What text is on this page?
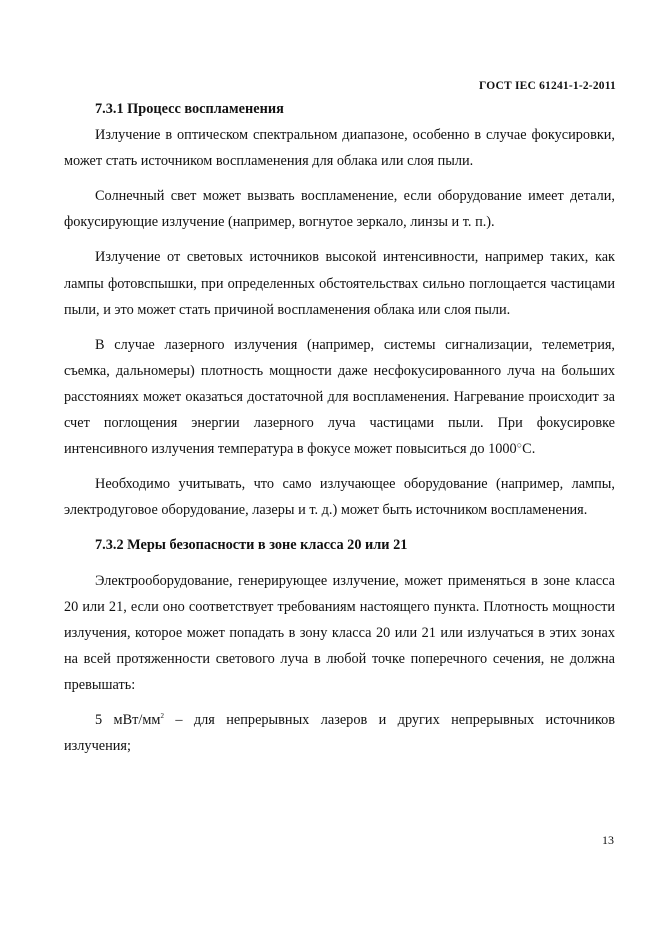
ГОСТ IEC 61241-1-2-2011
7.3.1 Процесс воспламенения

Излучение в оптическом спектральном диапазоне, особенно в случае фокусировки, может стать источником воспламенения для облака или слоя пыли.

Солнечный свет может вызвать воспламенение, если оборудование имеет детали, фокусирующие излучение (например, вогнутое зеркало, линзы и т. п.).

Излучение от световых источников высокой интенсивности, например таких, как лампы фотовспышки, при определенных обстоятельствах сильно поглощается частицами пыли, и это может стать причиной воспламенения облака или слоя пыли.

В случае лазерного излучения (например, системы сигнализации, телеметрия, съемка, дальномеры) плотность мощности даже несфокусированного луча на больших расстояниях может оказаться достаточной для воспламенения. Нагревание происходит за счет поглощения энергии лазерного луча частицами пыли. При фокусировке интенсивного излучения температура в фокусе может повыситься до 1000○С.

Необходимо учитывать, что само излучающее оборудование (например, лампы, электродуговое оборудование, лазеры и т. д.) может быть источником воспламенения.

7.3.2 Меры безопасности в зоне класса 20 или 21

Электрооборудование, генерирующее излучение, может применяться в зоне класса 20 или 21, если оно соответствует требованиям настоящего пункта. Плотность мощности излучения, которое может попадать в зону класса 20 или 21 или излучаться в этих зонах на всей протяженности светового луча в любой точке поперечного сечения, не должна превышать:

5 мВт/$мм^2$ – для непрерывных лазеров и других непрерывных источников излучения;

13
